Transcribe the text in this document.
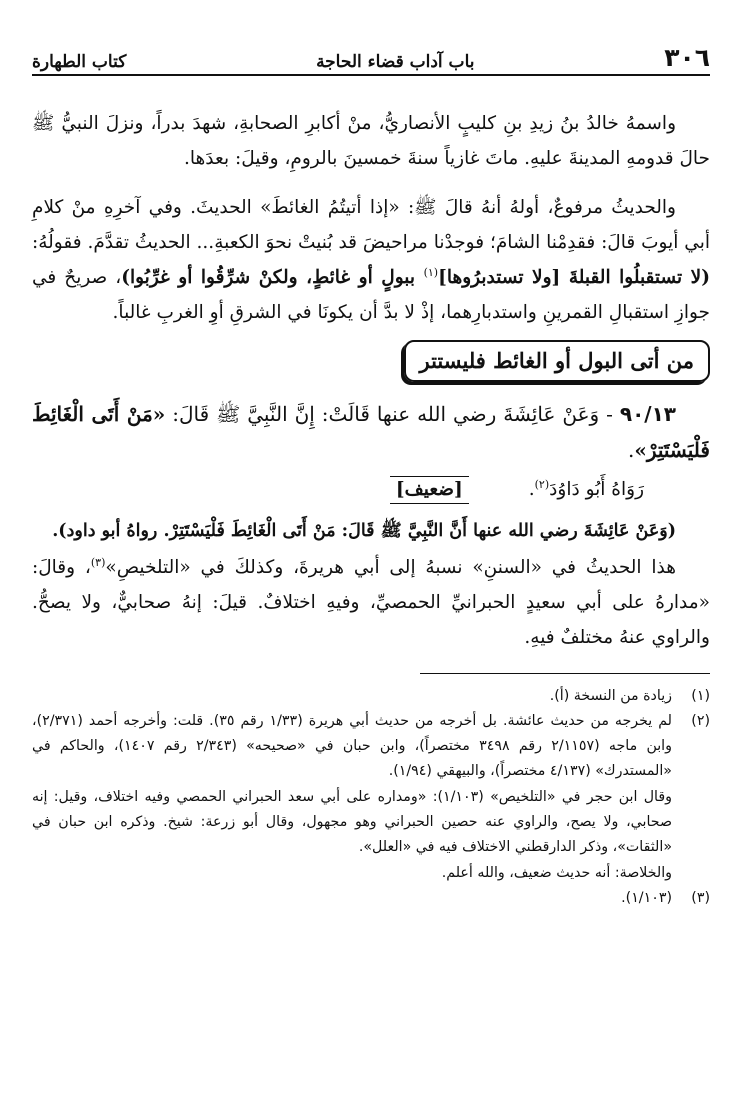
٣٠٦
باب آداب قضاء الحاجة
كتاب الطهارة

واسمهُ خالدُ بنُ زيدِ بنِ كليبٍ الأنصاريُّ، منْ أكابرِ الصحابةِ، شهدَ بدراً، ونزلَ النبيُّ ﷺ حالَ قدومهِ المدينةَ عليهِ. ماتَ غازياً سنةَ خمسينَ بالرومِ، وقيلَ: بعدَها.

والحديثُ مرفوعٌ، أولهُ أنهُ قالَ ﷺ: «إذا أتيتُمُ الغائطَ» الحديثَ. وفي آخرِهِ منْ كلامِ أبي أيوبَ قالَ: فقدِمْنا الشامَ؛ فوجدْنا مراحيضَ قد بُنيتْ نحوَ الكعبةِ... الحديثُ تقدَّمَ. فقولُهُ: (لا تستقبلُوا القبلةَ [ولا تستدبرُوها]$^{(١)}$ ببولٍ أو غائطٍ، ولكنْ شرِّقُوا أو غرِّبُوا)، صريحٌ في جوازِ استقبالِ القمرينِ واستدبارِهما، إذْ لا بدَّ أن يكونَا في الشرقِ أوِ الغربِ غالباً.

من أتى البول أو الغائط فليستتر
٩٠/١٣ - وَعَنْ عَائِشَةَ رضي الله عنها قَالَتْ: إِنَّ النَّبِيَّ ﷺ قَالَ: «مَنْ أَتَى الْغَائِطَ فَلْيَسْتَتِرْ».
رَوَاهُ أَبُو دَاوُدَ$^{(٢)}$.[ضعيف]

(وَعَنْ عَائِشَةَ رضي الله عنها أَنَّ النَّبِيَّ ﷺ قَالَ: مَنْ أَتَى الْغَائِطَ فَلْيَسْتَتِرْ. رواهُ أبو داود).

هذا الحديثُ في «السننِ» نسبهُ إلى أبي هريرةَ، وكذلكَ في «التلخيصِ»$^{(٣)}$، وقالَ: «مدارهُ على أبي سعيدٍ الحبرانيِّ الحمصيِّ، وفيهِ اختلافٌ. قيلَ: إنهُ صحابيٌّ، ولا يصحُّ. والراوي عنهُ مختلفٌ فيهِ.

(١)
زيادة من النسخة (أ).
(٢)
لم يخرجه من حديث عائشة. بل أخرجه من حديث أبي هريرة (١/٣٣ رقم ٣٥). قلت: وأخرجه أحمد (٢/٣٧١)، وابن ماجه (٢/١١٥٧ رقم ٣٤٩٨ مختصراً)، وابن حبان في «صحيحه» (٢/٣٤٣ رقم ١٤٠٧)، والحاكم في «المستدرك» (٤/١٣٧ مختصراً)، والبيهقي (١/٩٤).
وقال ابن حجر في «التلخيص» (١/١٠٣): «ومداره على أبي سعد الحبراني الحمصي وفيه اختلاف، وقيل: إنه صحابي، ولا يصح، والراوي عنه حصين الحبراني وهو مجهول، وقال أبو زرعة: شيخ. وذكره ابن حبان في «الثقات»، وذكر الدارقطني الاختلاف فيه في «العلل».
والخلاصة: أنه حديث ضعيف، والله أعلم.
(٣)
(١/١٠٣).
